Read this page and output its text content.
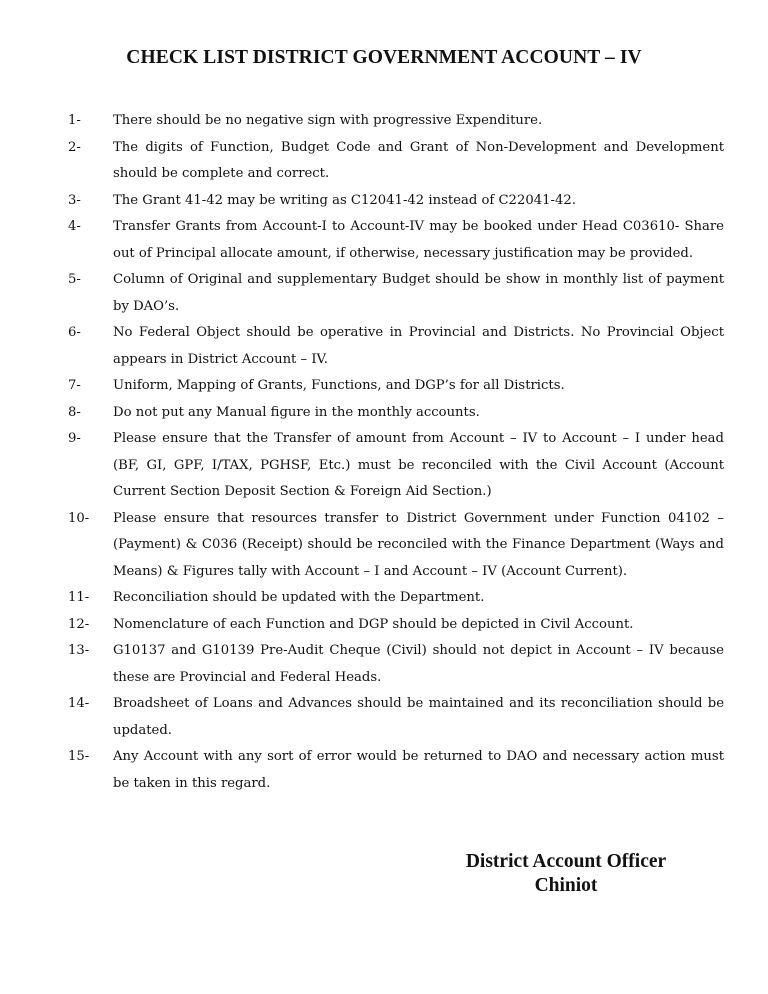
CHECK LIST DISTRICT GOVERNMENT ACCOUNT – IV
1-	There should be no negative sign with progressive Expenditure.
2-	The digits of Function, Budget Code and Grant of Non-Development and Development should be complete and correct.
3-	The Grant 41-42 may be writing as C12041-42 instead of C22041-42.
4-	Transfer Grants from Account-I to Account-IV may be booked under Head C03610- Share out of Principal allocate amount, if otherwise, necessary justification may be provided.
5-	Column of Original and supplementary Budget should be show in monthly list of payment by DAO’s.
6-	No Federal Object should be operative in Provincial and Districts. No Provincial Object appears in District Account – IV.
7-	Uniform, Mapping of Grants, Functions, and DGP’s for all Districts.
8-	Do not put any Manual figure in the monthly accounts.
9-	Please ensure that the Transfer of amount from Account – IV to Account – I under head (BF, GI, GPF, I/TAX, PGHSF, Etc.) must be reconciled with the Civil Account (Account Current Section Deposit Section & Foreign Aid Section.)
10-	Please ensure that resources transfer to District Government under Function 04102 – (Payment) & C036 (Receipt) should be reconciled with the Finance Department (Ways and Means) & Figures tally with Account – I and Account – IV (Account Current).
11-	Reconciliation should be updated with the Department.
12-	Nomenclature of each Function and DGP should be depicted in Civil Account.
13-	G10137 and G10139 Pre-Audit Cheque (Civil) should not depict in Account – IV because these are Provincial and Federal Heads.
14-	Broadsheet of Loans and Advances should be maintained and its reconciliation should be updated.
15-	Any Account with any sort of error would be returned to DAO and necessary action must be taken in this regard.
District Account Officer
Chiniot
